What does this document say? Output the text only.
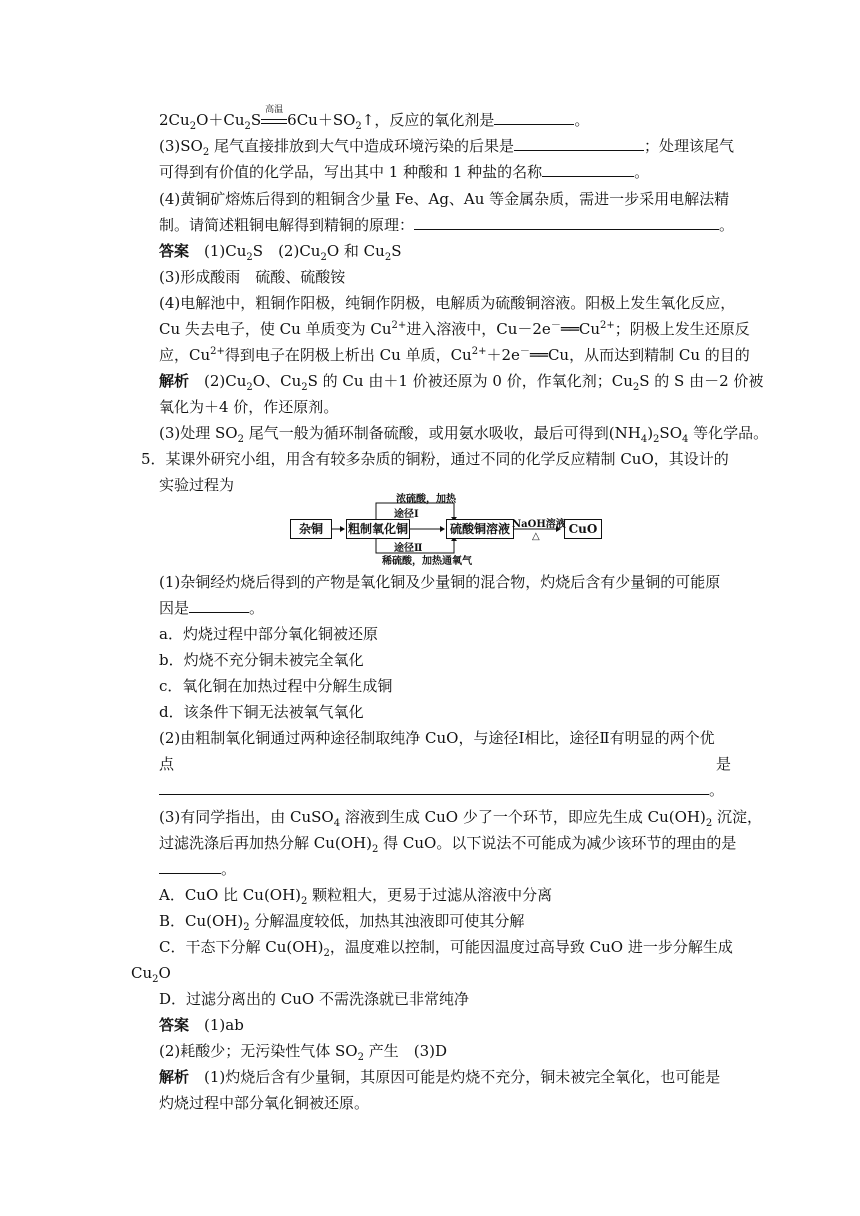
$2Cu_2O+Cu_2S$
高温
$6Cu+SO_2↑$，反应的氧化剂是	。
$(3)SO_2$ 尾气直接排放到大气中造成环境污染的后果是	；处理该尾气
可得到有价值的化学品，写出其中 1 种酸和 1 种盐的名称	。
(4)黄铜矿熔炼后得到的粗铜含少量 Fe、Ag、Au 等金属杂质，需进一步采用电解法精
制。请简述粗铜电解得到精铜的原理：	。
答案　 $(1)Cu_2S$　$(2)Cu_2O$ 和 $Cu_2S$
(3)形成酸雨　硫酸、硫酸铵
(4)电解池中，粗铜作阳极，纯铜作阴极，电解质为硫酸铜溶液。阳极上发生氧化反应，
Cu 失去电子，使 Cu 单质变为 $Cu^{2+}$进入溶液中，$Cu-2e^-══Cu^{2+}$；阴极上发生还原反
应，$Cu^{2+}$得到电子在阴极上析出 Cu 单质，$Cu^{2+}+2e^-══Cu$，从而达到精制 Cu 的目的
解析　 $(2)Cu_2O$、$Cu_2S$ 的 Cu 由＋1 价被还原为 0 价，作氧化剂；$Cu_2S$ 的 S 由－2 价被
氧化为＋4 价，作还原剂。
(3)处理 $SO_2$ 尾气一般为循环制备硫酸，或用氨水吸收，最后可得到$(NH_4)_2SO_4$ 等化学品。
5．某课外研究小组，用含有较多杂质的铜粉，通过不同的化学反应精制 CuO，其设计的
实验过程为
杂铜	粗制氧化铜	硫酸铜溶液	CuO
浓硫酸，加热
途径Ⅰ
途径Ⅱ
稀硫酸，加热通氧气
NaOH溶液
△
(1)杂铜经灼烧后得到的产物是氧化铜及少量铜的混合物，灼烧后含有少量铜的可能原
因是	。
a．灼烧过程中部分氧化铜被还原
b．灼烧不充分铜未被完全氧化
c．氧化铜在加热过程中分解生成铜
d．该条件下铜无法被氧气氧化
(2)由粗制氧化铜通过两种途径制取纯净 CuO，与途径Ⅰ相比，途径Ⅱ有明显的两个优
点	是
。
(3)有同学指出，由 CuSO$_4$ 溶液到生成 CuO 少了一个环节，即应先生成 $Cu(OH)_2$ 沉淀，
过滤洗涤后再加热分解 $Cu(OH)_2$ 得 CuO。以下说法不可能成为减少该环节的理由的是
。
A．CuO 比 $Cu(OH)_2$ 颗粒粗大，更易于过滤从溶液中分离
B．$Cu(OH)_2$ 分解温度较低，加热其浊液即可使其分解
C．干态下分解 $Cu(OH)_2$，温度难以控制，可能因温度过高导致 CuO 进一步分解生成
$Cu_2O$
D．过滤分离出的 CuO 不需洗涤就已非常纯净
答案　 (1)ab
(2)耗酸少；无污染性气体 $SO_2$ 产生　(3)D
解析　 (1)灼烧后含有少量铜，其原因可能是灼烧不充分，铜未被完全氧化，也可能是
灼烧过程中部分氧化铜被还原。
